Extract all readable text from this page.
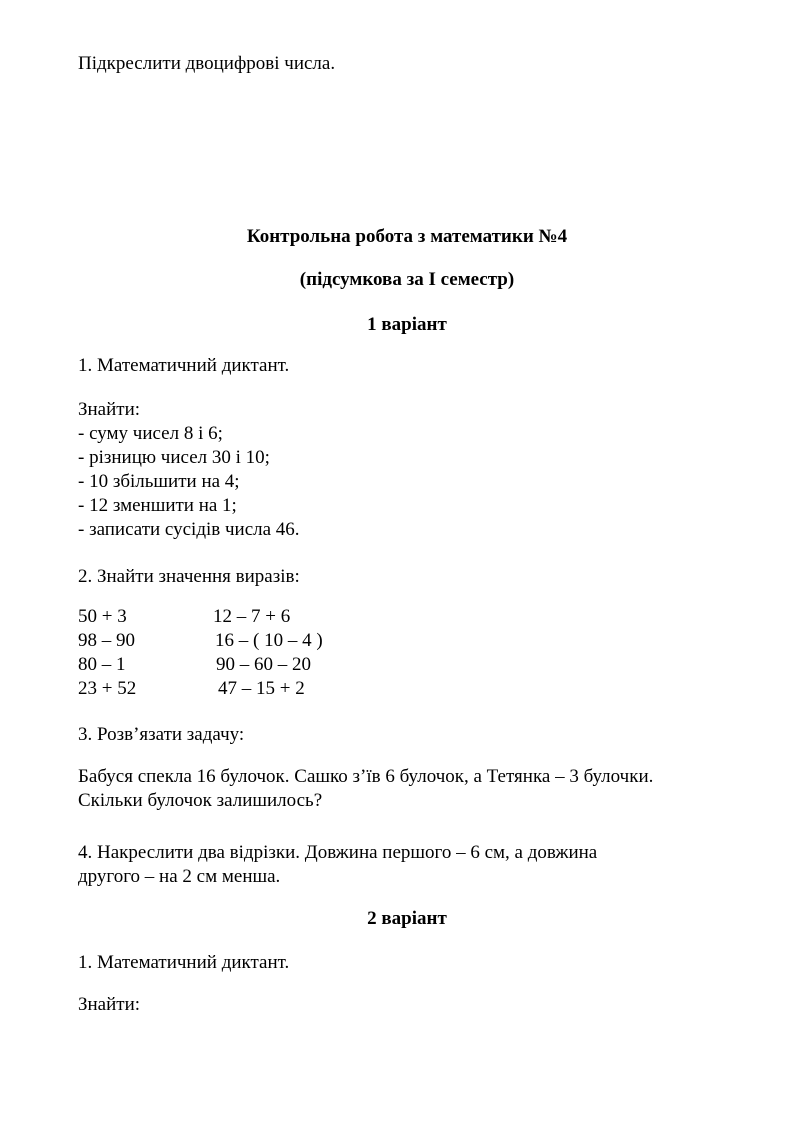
Підкреслити двоцифрові числа.
Контрольна робота з математики №4
(підсумкова за І семестр)
1 варіант
1. Математичний диктант.
Знайти:
- суму чисел 8 і 6;
- різницю чисел 30 і 10;
- 10 збільшити на 4;
- 12 зменшити на 1;
- записати сусідів числа 46.
2. Знайти значення виразів:
50 + 3
98 – 90
80 – 1
23 + 52
12 – 7 + 6
16 – ( 10 – 4 )
90 – 60 – 20
47 – 15 + 2
3. Розв’язати задачу:
Бабуся спекла 16 булочок. Сашко з’їв 6 булочок, а Тетянка – 3 булочки.
Скільки булочок залишилось?
4. Накреслити два відрізки. Довжина першого – 6 см, а довжина
другого – на 2 см менша.
2 варіант
1. Математичний диктант.
Знайти:
